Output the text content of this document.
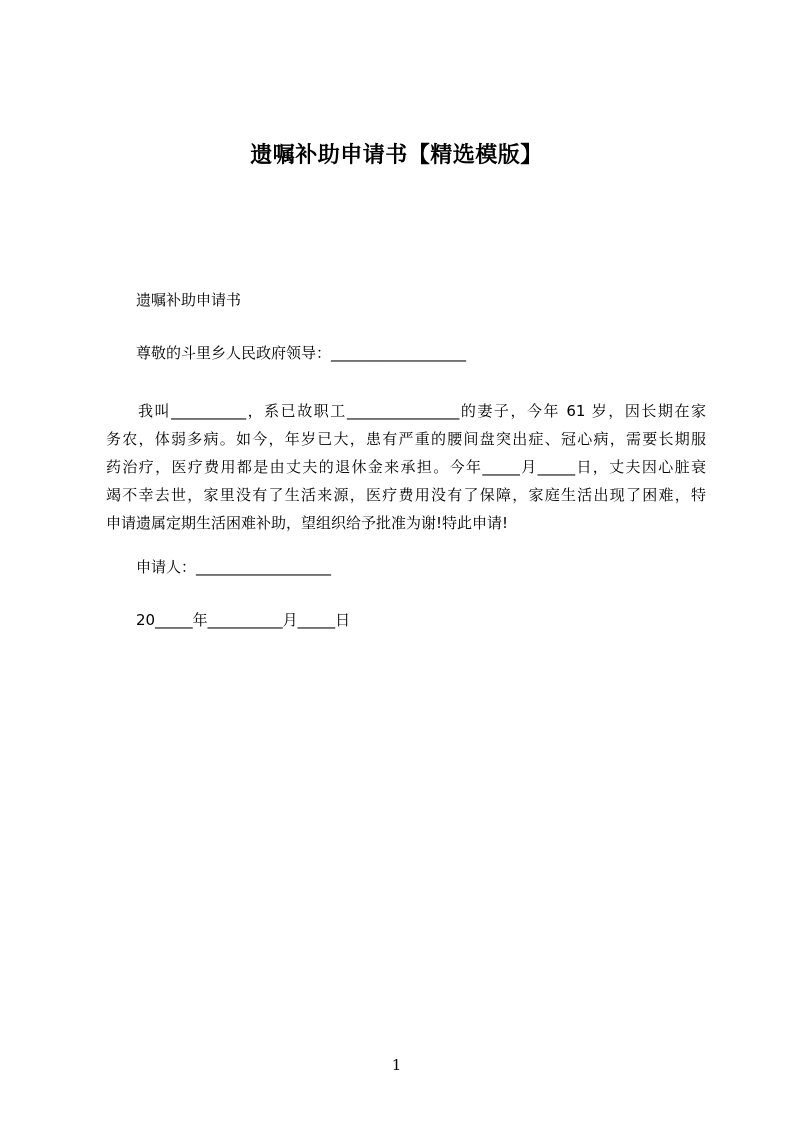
遗嘱补助申请书【精选模版】
遗嘱补助申请书
尊敬的斗里乡人民政府领导：__________________
我叫__________，系已故职工_______________的妻子，今年 61 岁，因长期在家
务农，体弱多病。如今，年岁已大，患有严重的腰间盘突出症、冠心病，需要长期服
药治疗，医疗费用都是由丈夫的退休金来承担。今年_____月_____日，丈夫因心脏衰
竭不幸去世，家里没有了生活来源，医疗费用没有了保障，家庭生活出现了困难，特
申请遗属定期生活困难补助，望组织给予批准为谢!特此申请!
申请人：__________________
20_____年__________月_____日
1
